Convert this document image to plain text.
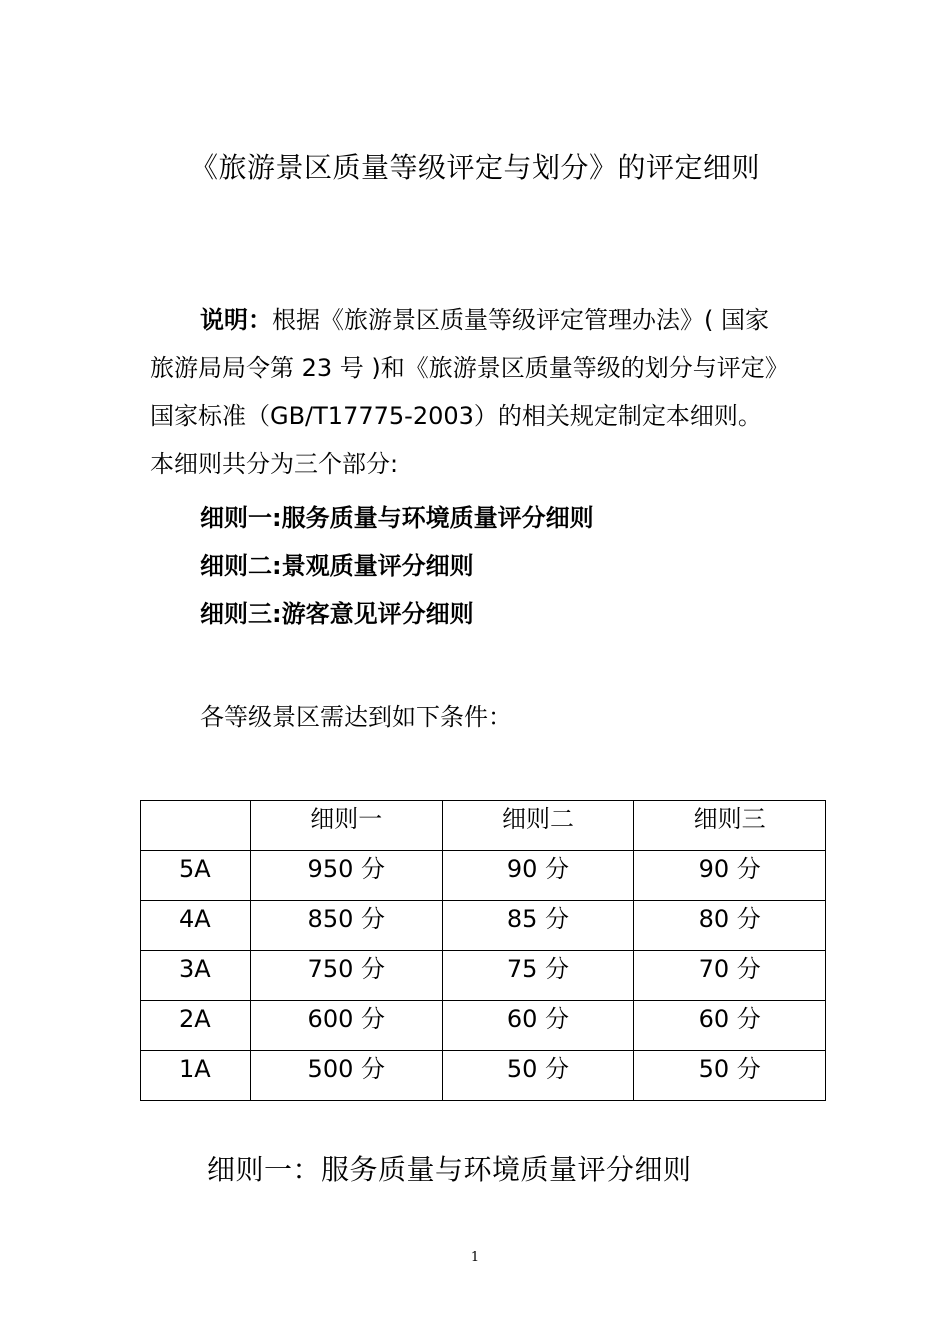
《旅游景区质量等级评定与划分》的评定细则
说明：根据《旅游景区质量等级评定管理办法》( 国家
旅游局局令第 23 号 )和《旅游景区质量等级的划分与评定》
国家标准（GB/T17775-2003）的相关规定制定本细则。
本细则共分为三个部分:
细则一:服务质量与环境质量评分细则
细则二:景观质量评分细则
细则三:游客意见评分细则
各等级景区需达到如下条件：
	细则一	细则二	细则三
5A	950 分	90 分	90 分
4A	850 分	85 分	80 分
3A	750 分	75 分	70 分
2A	600 分	60 分	60 分
1A	500 分	50 分	50 分
细则一：服务质量与环境质量评分细则
1
